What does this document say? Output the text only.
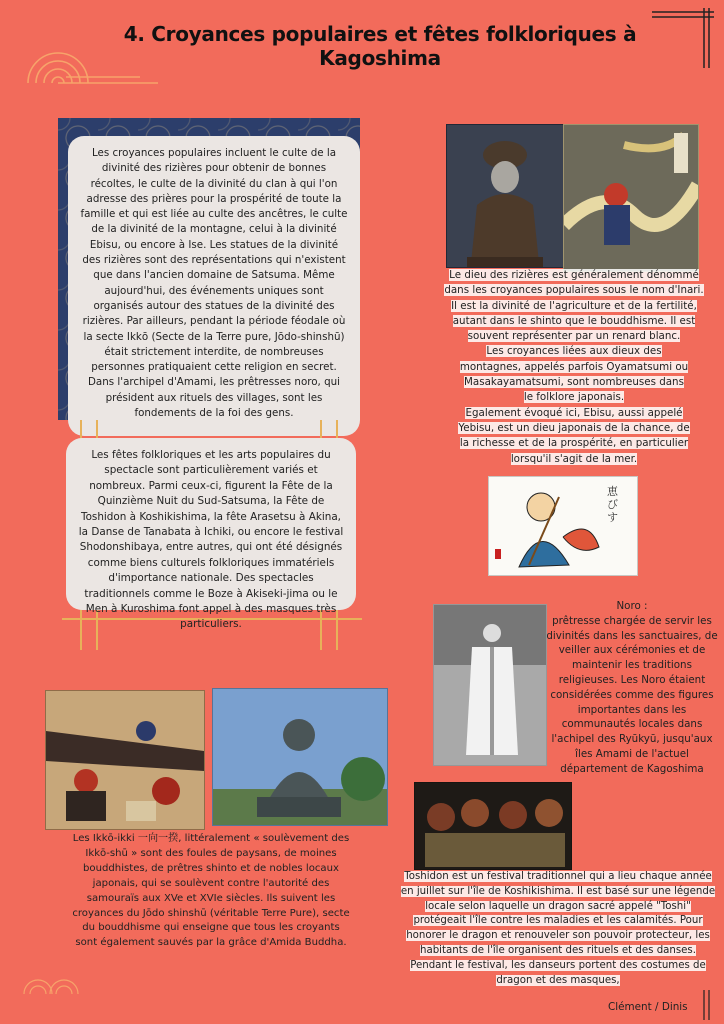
4. Croyances populaires et fêtes folkloriques à Kagoshima

Les croyances populaires incluent le culte de la divinité des rizières pour obtenir de bonnes récoltes, le culte de la divinité du clan à qui l'on adresse des prières pour la prospérité de toute la famille et qui est liée au culte des ancêtres, le culte de la divinité de la montagne, celui à la divinité Ebisu, ou encore à Ise. Les statues de la divinité des rizières sont des représentations qui n'existent que dans l'ancien domaine de Satsuma. Même aujourd'hui, des événements uniques sont organisés autour des statues de la divinité des rizières. Par ailleurs, pendant la période féodale où la secte Ikkō (Secte de la Terre pure, Jōdo-shinshū) était strictement interdite, de nombreuses personnes pratiquaient cette religion en secret. Dans l'archipel d'Amami, les prêtresses noro, qui président aux rituels des villages, sont les fondements de la foi des gens.

Les fêtes folkloriques et les arts populaires du spectacle sont particulièrement variés et nombreux. Parmi ceux-ci, figurent la Fête de la Quinzième Nuit du Sud-Satsuma, la Fête de Toshidon à Koshikishima, la fête Arasetsu à Akina, la Danse de Tanabata à Ichiki, ou encore le festival Shodonshibaya, entre autres, qui ont été désignés comme biens culturels folkloriques immatériels d'importance nationale. Des spectacles traditionnels comme le Boze à Akiseki-jima ou le Men à Kuroshima font appel à des masques très particuliers.

Le dieu des rizières est généralement dénommé dans les croyances populaires sous le nom d'Inari. Il est la divinité de l'agriculture et de la fertilité, autant dans le shinto que le bouddhisme. Il est souvent représenter par un renard blanc.
Les croyances liées aux dieux des montagnes, appelés parfois Oyamatsumi ou Masakayamatsumi, sont nombreuses dans le folklore japonais.
Egalement évoqué ici, Ebisu, aussi appelé Yebisu, est un dieu japonais de la chance, de la richesse et de la prospérité, en particulier lorsqu'il s'agit de la mer.
恵びす
Noro :
prêtresse chargée de servir les divinités dans les sanctuaires, de veiller aux cérémonies et de maintenir les traditions religieuses. Les Noro étaient considérées comme des figures importantes dans les communautés locales dans l'achipel des Ryūkyū, jusqu'aux îles Amami de l'actuel département de Kagoshima
Les Ikkō-ikki 一向一揆, littéralement « soulèvement des Ikkō-shū » sont des foules de paysans, de moines bouddhistes, de prêtres shinto et de nobles locaux japonais, qui se soulèvent contre l'autorité des samouraïs aux XVe et XVIe siècles. Ils suivent les croyances du Jōdo shinshū (véritable Terre Pure), secte du bouddhisme qui enseigne que tous les croyants sont également sauvés par la grâce d'Amida Buddha.
Toshidon est un festival traditionnel qui a lieu chaque année en juillet sur l'île de Koshikishima. Il est basé sur une légende locale selon laquelle un dragon sacré appelé "Toshi" protégeait l'île contre les maladies et les calamités. Pour honorer le dragon et renouveler son pouvoir protecteur, les habitants de l'île organisent des rituels et des danses. Pendant le festival, les danseurs portent des costumes de dragon et des masques,
Clément / Dinis
